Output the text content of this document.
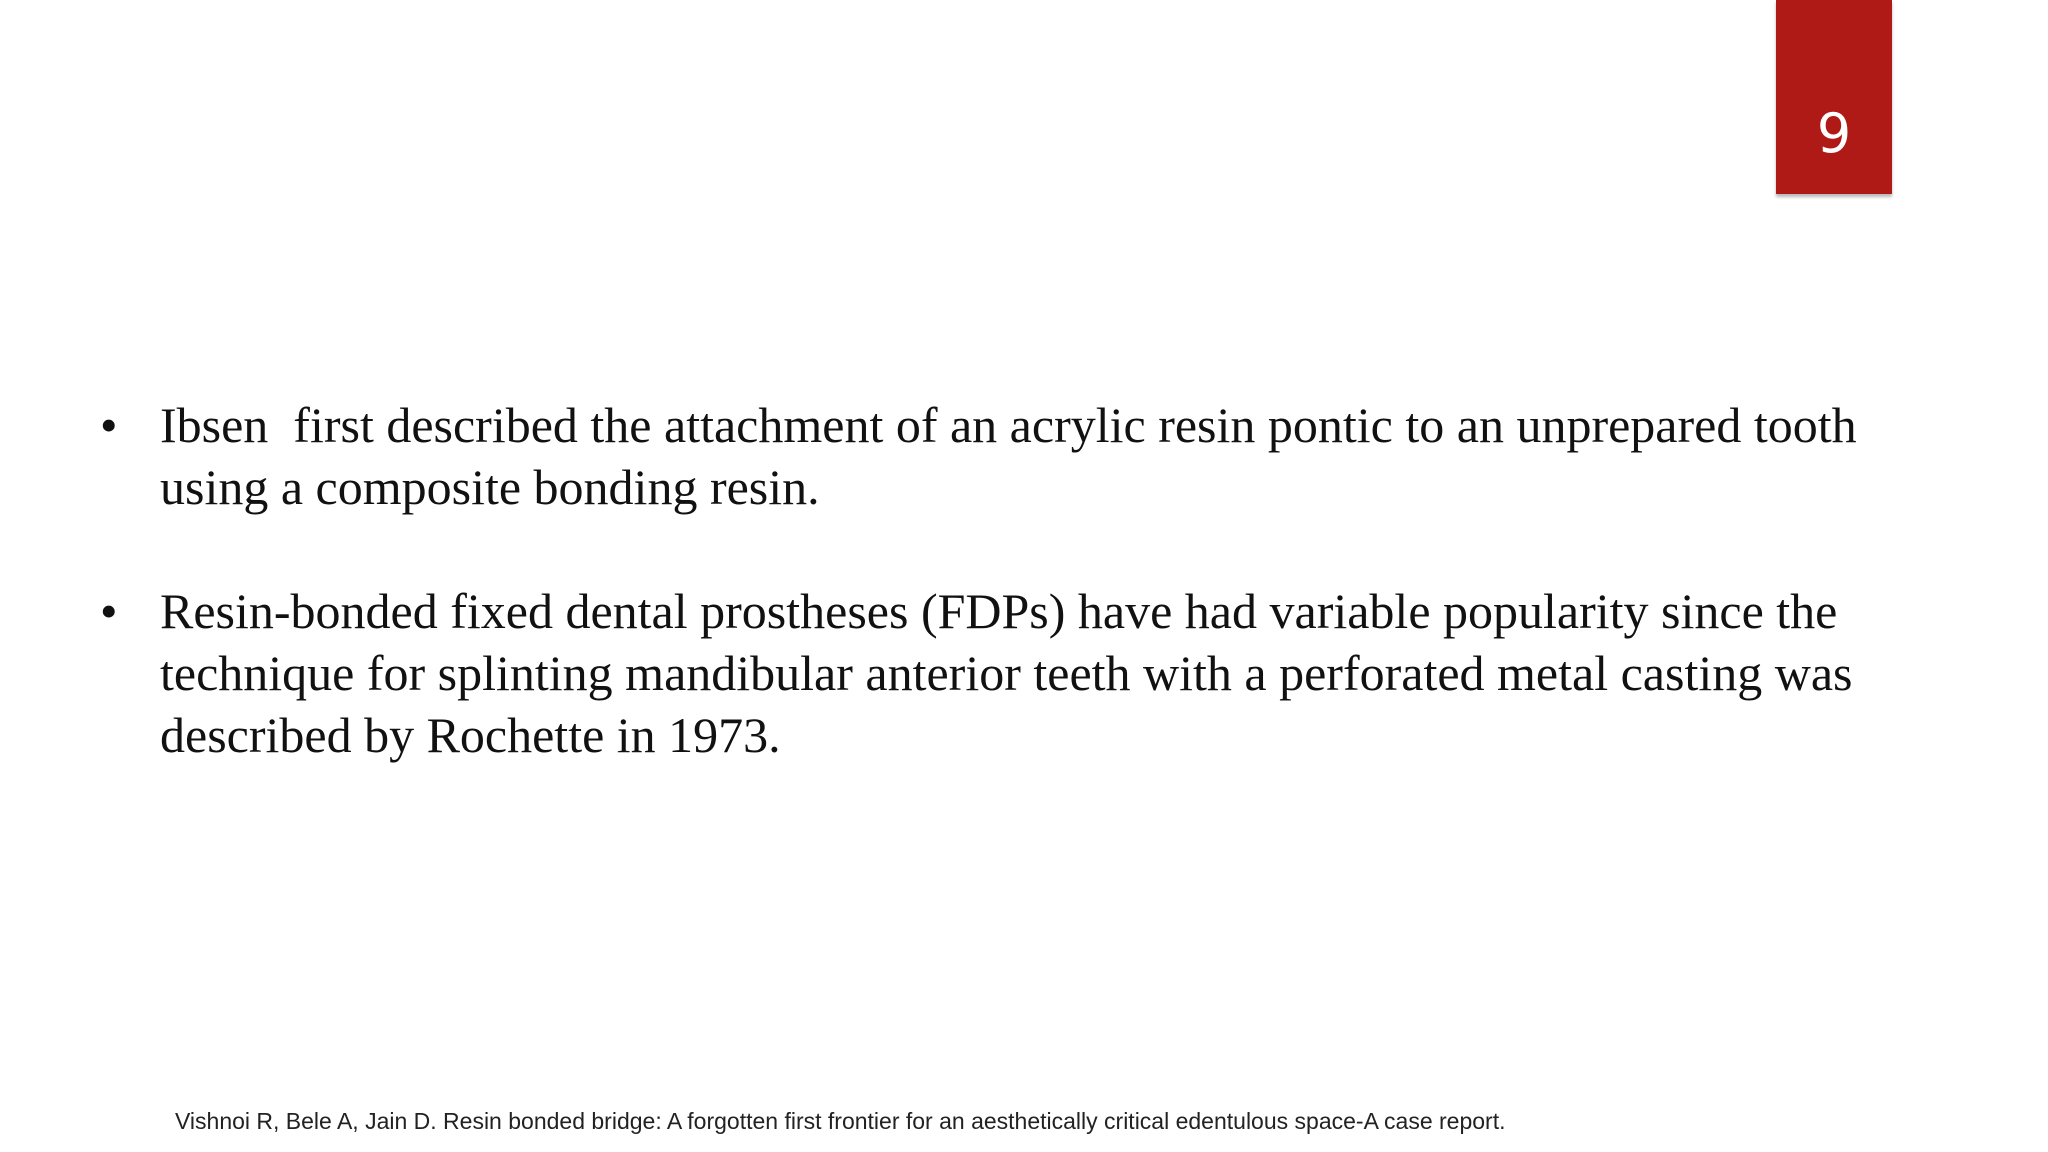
9
• Ibsen  first described the attachment of an acrylic resin pontic to an unprepared tooth using a composite bonding resin.
• Resin-bonded fixed dental prostheses (FDPs) have had variable popularity since the technique for splinting mandibular anterior teeth with a perforated metal casting was described by Rochette in 1973.
Vishnoi R, Bele A, Jain D. Resin bonded bridge: A forgotten first frontier for an aesthetically critical edentulous space-A case report.
